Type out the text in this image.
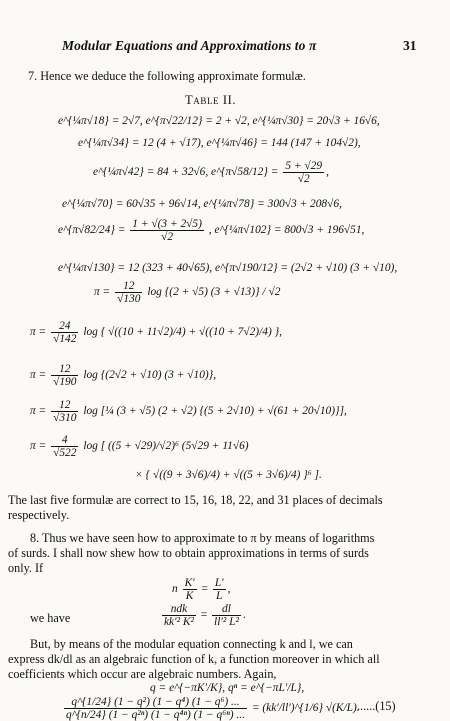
Modular Equations and Approximations to π	31
7. Hence we deduce the following approximate formulæ.
Table II.
e^{¼π√18} = 2√7, e^{π√22/12} = 2 + √2, e^{¼π√30} = 20√3 + 16√6,
e^{¼π√34} = 12 (4 + √17), e^{¼π√46} = 144 (147 + 104√2),
e^{¼π√42} = 84 + 32√6, e^{π√58/12} = $\frac{5 + √29}{√2}$ ,
e^{¼π√70} = 60√35 + 96√14, e^{¼π√78} = 300√3 + 208√6,
e^{π√82/24} = $\frac{1 + √(3 + 2√5)}{√2}$ , e^{¼π√102} = 800√3 + 196√51,
e^{¼π√130} = 12 (323 + 40√65), e^{π√190/12} = (2√2 + √10) (3 + √10),
$\pi = \frac{12}{√130}$ log {(2 + √5) (3 + √13)} / √2
$\pi = \frac{24}{√142}$ log { √((10 + 11√2)/4) + √((10 + 7√2)/4) },
$\pi = \frac{12}{√190}$ log {(2√2 + √10) (3 + √10)},
$\pi = \frac{12}{√310}$ log [¼ (3 + √5) (2 + √2) {(5 + 2√10) + √(61 + 20√10)}],
$\pi = \frac{4}{√522}$ log [ ((5 + √29)/√2)⁶ (5√29 + 11√6)
× { √((9 + 3√6)/4) + √((5 + 3√6)/4) }⁶ ].
The last five formulæ are correct to 15, 16, 18, 22, and 31 places of decimals
respectively.
8. Thus we have seen how to approximate to π by means of logarithms
of surds. I shall now shew how to obtain approximations in terms of surds
only. If
n $\frac{K'}{K} = \frac{L'}{L}$ ,
we have	$\frac{\text{ndk}}{\text{kk′² K²}} = \frac{dl}{\text{ll′² L²}}$ .
But, by means of the modular equation connecting k and l, we can
express dk/dl as an algebraic function of k, a function moreover in which all
coefficients which occur are algebraic numbers. Again,
q = e^{−πK′/K}, qⁿ = e^{−πL′/L},
$\frac{\text{q\textasciicircum{}\{1/24\} (1 − q²) (1 − q⁴) (1 − q⁶) ...}}{\text{q\textasciicircum{}\{n/24\} (1 − q²ⁿ) (1 − q⁴ⁿ) (1 − q⁶ⁿ) ...}}$ = (kk′/ll′)^{1/6} √(K/L).
......(15)
